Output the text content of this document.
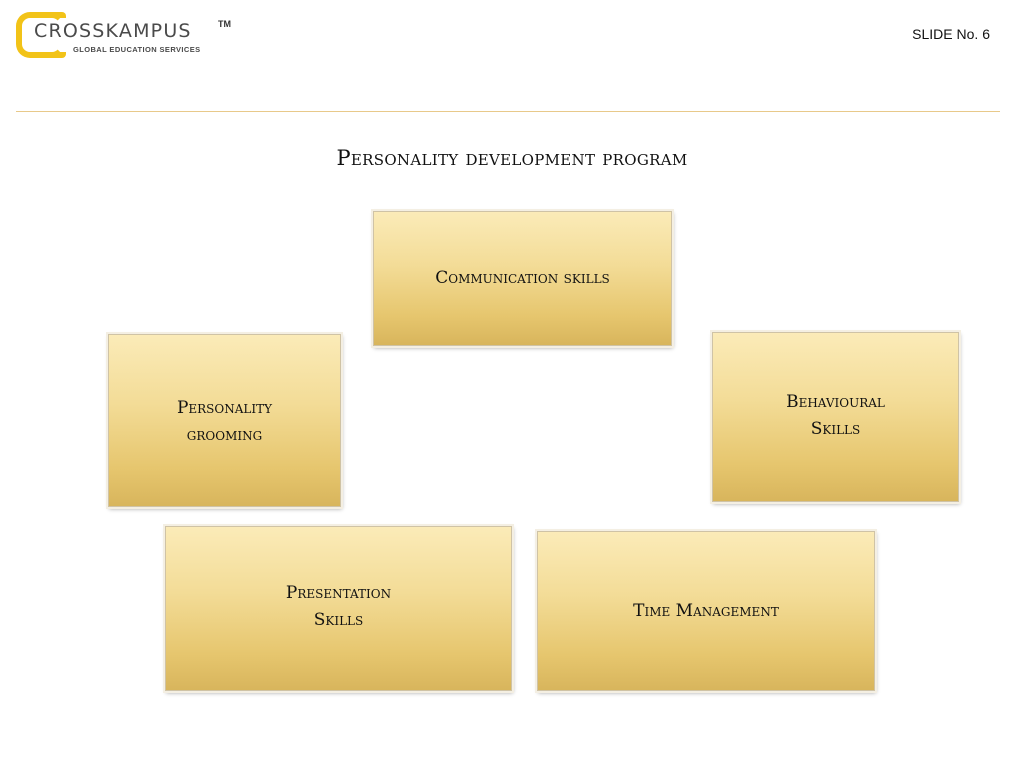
CROSSKAMPUS	TM
GLOBAL EDUCATION SERVICES
SLIDE No. 6
Personality development program
Communication skills
Personality
grooming
Behavioural
Skills
Presentation
Skills	Time Management
